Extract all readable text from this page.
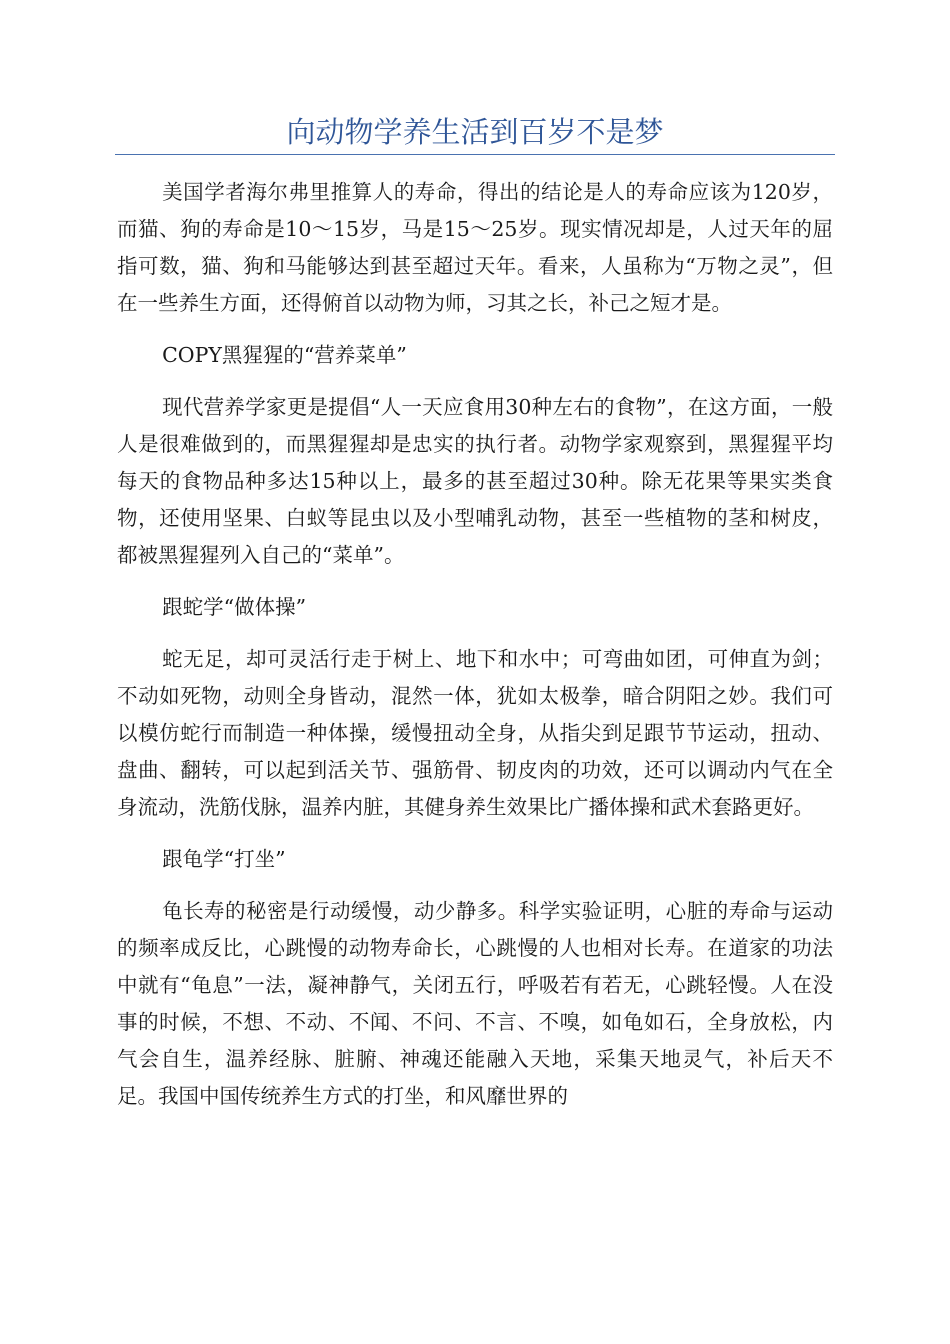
向动物学养生活到百岁不是梦

美国学者海尔弗里推算人的寿命，得出的结论是人的寿命应该为120岁，而猫、狗的寿命是10～15岁，马是15～25岁。现实情况却是，人过天年的屈指可数，猫、狗和马能够达到甚至超过天年。看来，人虽称为“万物之灵”，但在一些养生方面，还得俯首以动物为师，习其之长，补己之短才是。

COPY黑猩猩的“营养菜单”

现代营养学家更是提倡“人一天应食用30种左右的食物”，在这方面，一般人是很难做到的，而黑猩猩却是忠实的执行者。动物学家观察到，黑猩猩平均每天的食物品种多达15种以上，最多的甚至超过30种。除无花果等果实类食物，还使用坚果、白蚁等昆虫以及小型哺乳动物，甚至一些植物的茎和树皮，都被黑猩猩列入自己的“菜单”。

跟蛇学“做体操”

蛇无足，却可灵活行走于树上、地下和水中；可弯曲如团，可伸直为剑；不动如死物，动则全身皆动，混然一体，犹如太极拳，暗合阴阳之妙。我们可以模仿蛇行而制造一种体操，缓慢扭动全身，从指尖到足跟节节运动，扭动、盘曲、翻转，可以起到活关节、强筋骨、韧皮肉的功效，还可以调动内气在全身流动，洗筋伐脉，温养内脏，其健身养生效果比广播体操和武术套路更好。

跟龟学“打坐”

龟长寿的秘密是行动缓慢，动少静多。科学实验证明，心脏的寿命与运动的频率成反比，心跳慢的动物寿命长，心跳慢的人也相对长寿。在道家的功法中就有“龟息”一法，凝神静气，关闭五行，呼吸若有若无，心跳轻慢。人在没事的时候，不想、不动、不闻、不问、不言、不嗅，如龟如石，全身放松，内气会自生，温养经脉、脏腑、神魂还能融入天地，采集天地灵气，补后天不足。我国中国传统养生方式的打坐，和风靡世界的
